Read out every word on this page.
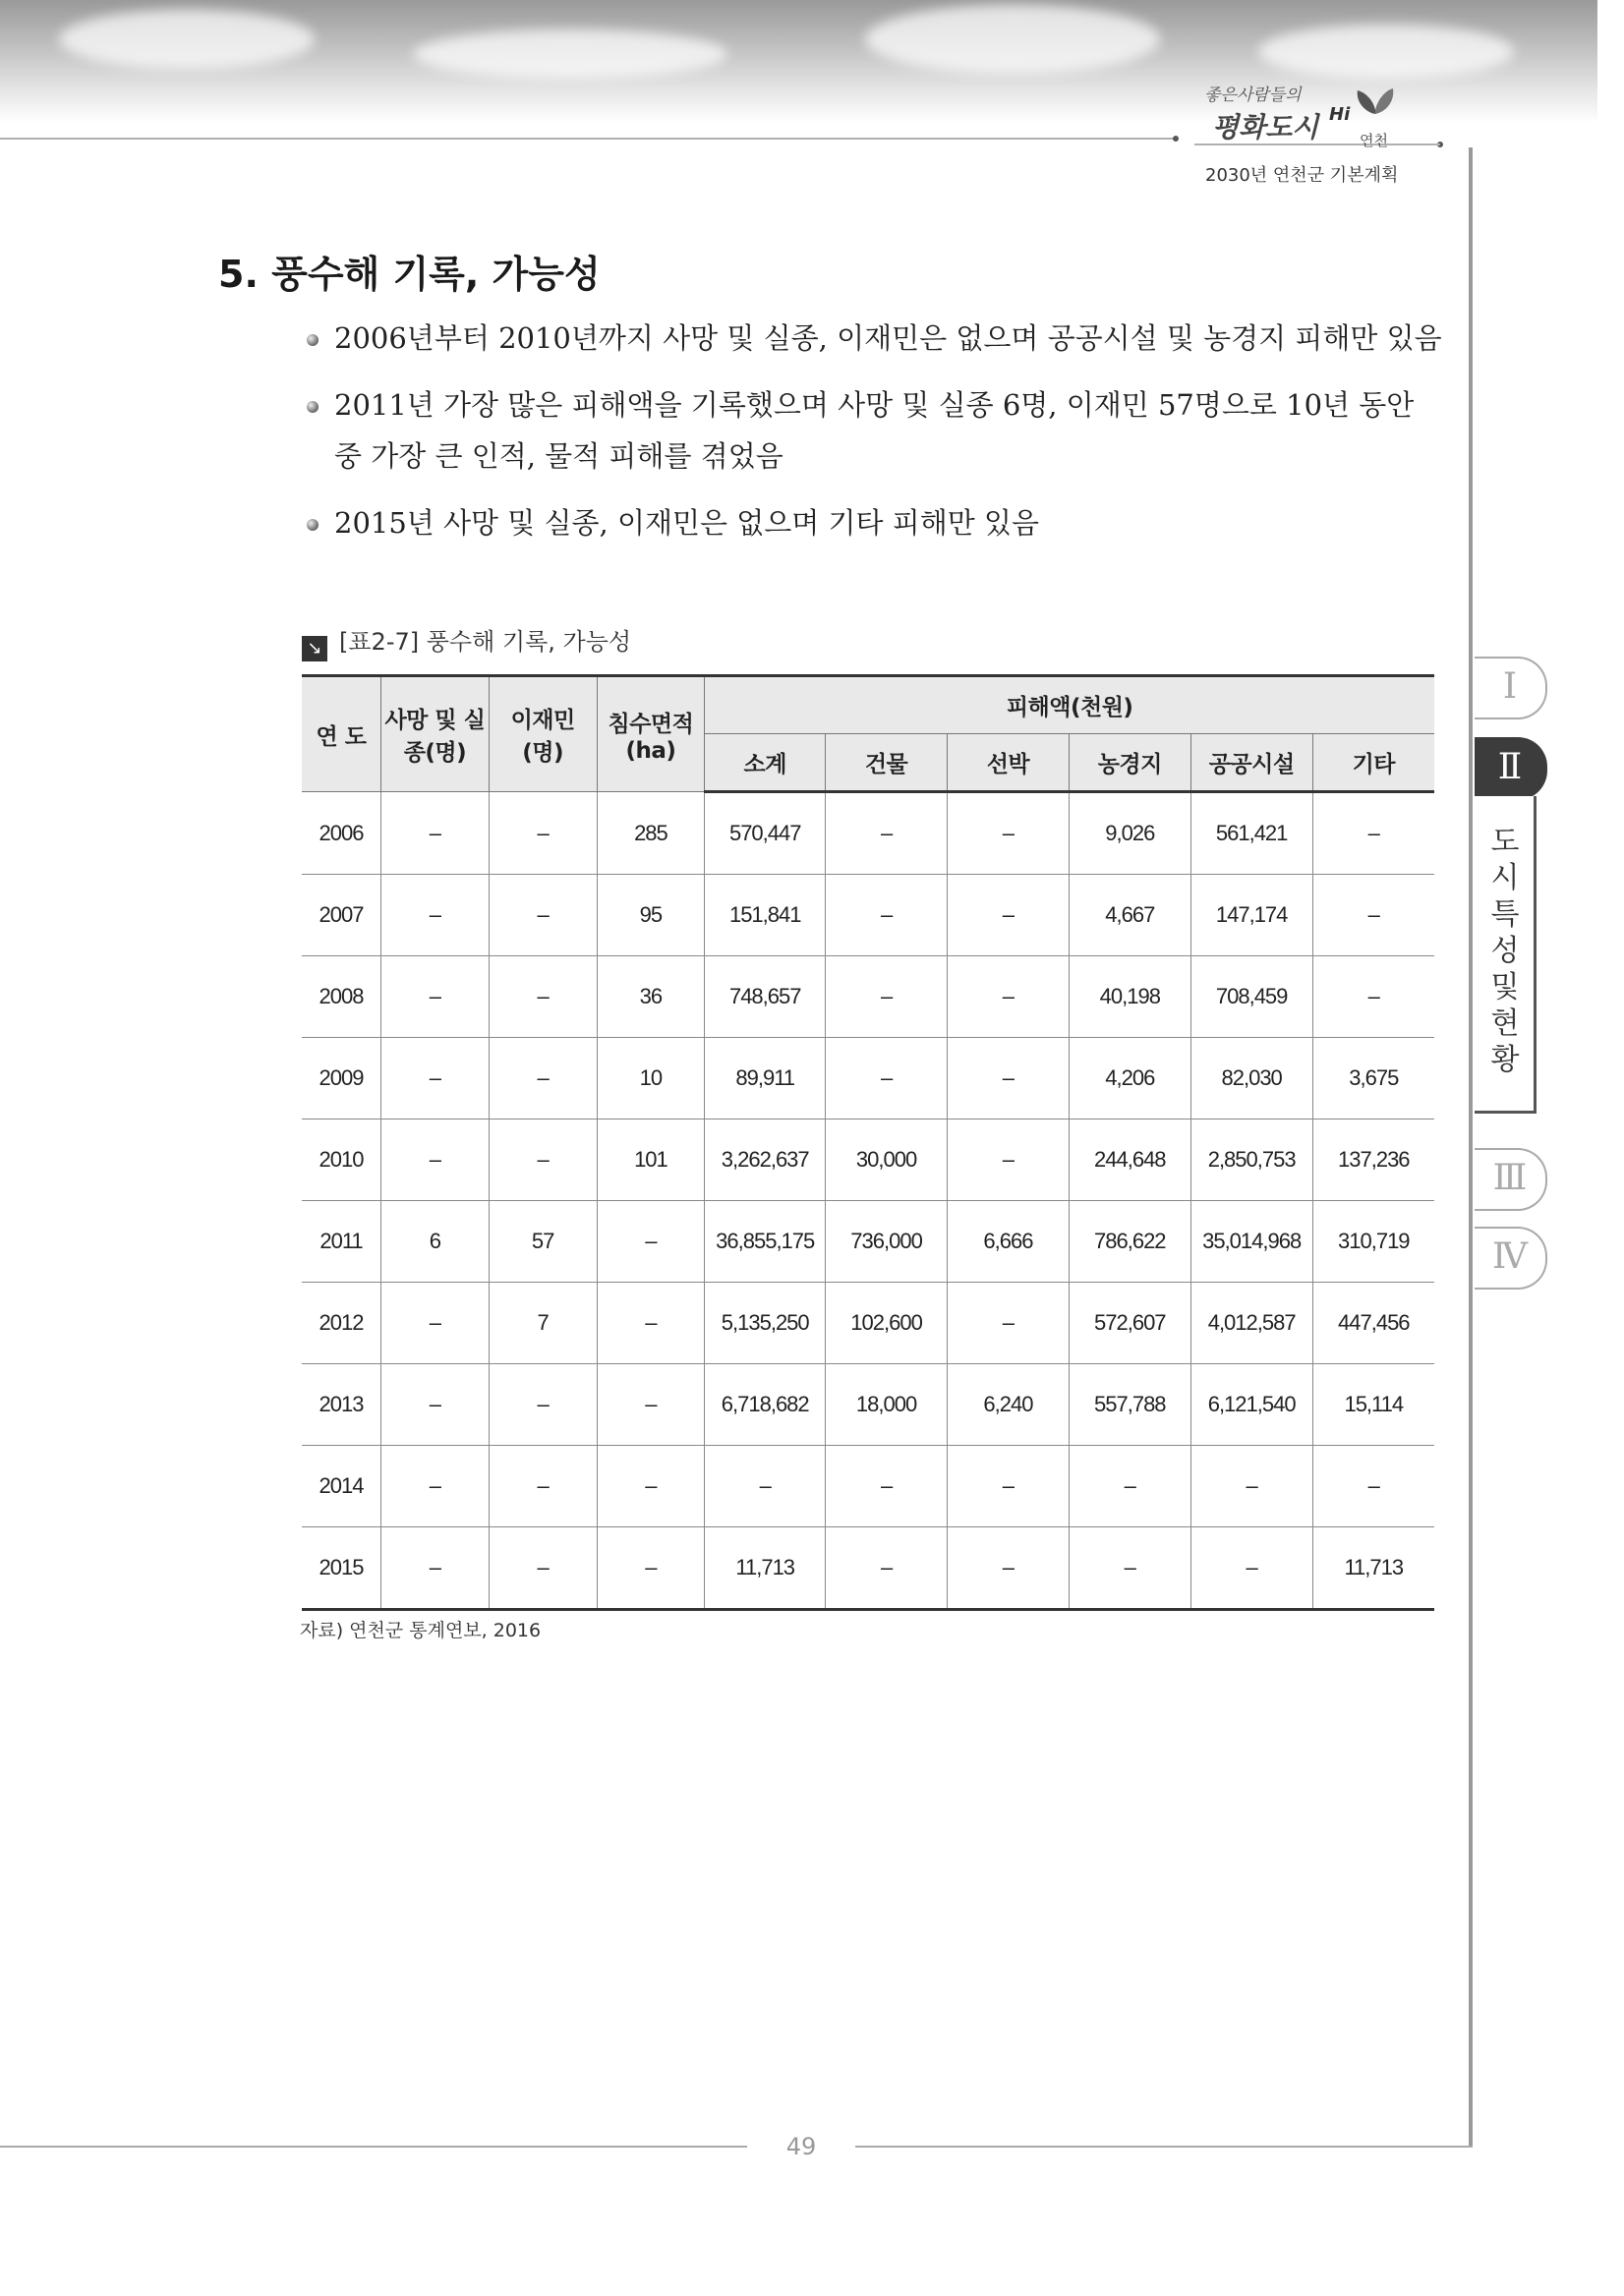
좋은사람들의
평화도시 Hi
연천
2030년 연천군 기본계획
Ⅰ
Ⅱ
도시특성및현황
Ⅲ
Ⅳ
5. 풍수해 기록, 가능성
2006년부터 2010년까지 사망 및 실종, 이재민은 없으며 공공시설 및 농경지 피해만 있음
2011년 가장 많은 피해액을 기록했으며 사망 및 실종 6명, 이재민 57명으로 10년 동안 중 가장 큰 인적, 물적 피해를 겪었음
2015년 사망 및 실종, 이재민은 없으며 기타 피해만 있음
↘ [표2-7] 풍수해 기록, 가능성
연 도	사망 및 실종(명)	이재민 (명)	침수면적 (ha)	피해액(천원)					
				소계	건물	선박	농경지	공공시설	기타
2006	–	–	285	570,447	–	–	9,026	561,421	–
2007	–	–	95	151,841	–	–	4,667	147,174	–
2008	–	–	36	748,657	–	–	40,198	708,459	–
2009	–	–	10	89,911	–	–	4,206	82,030	3,675
2010	–	–	101	3,262,637	30,000	–	244,648	2,850,753	137,236
2011	6	57	–	36,855,175	736,000	6,666	786,622	35,014,968	310,719
2012	–	7	–	5,135,250	102,600	–	572,607	4,012,587	447,456
2013	–	–	–	6,718,682	18,000	6,240	557,788	6,121,540	15,114
2014	–	–	–	–	–	–	–	–	–
2015	–	–	–	11,713	–	–	–	–	11,713
자료) 연천군 통계연보, 2016
49
